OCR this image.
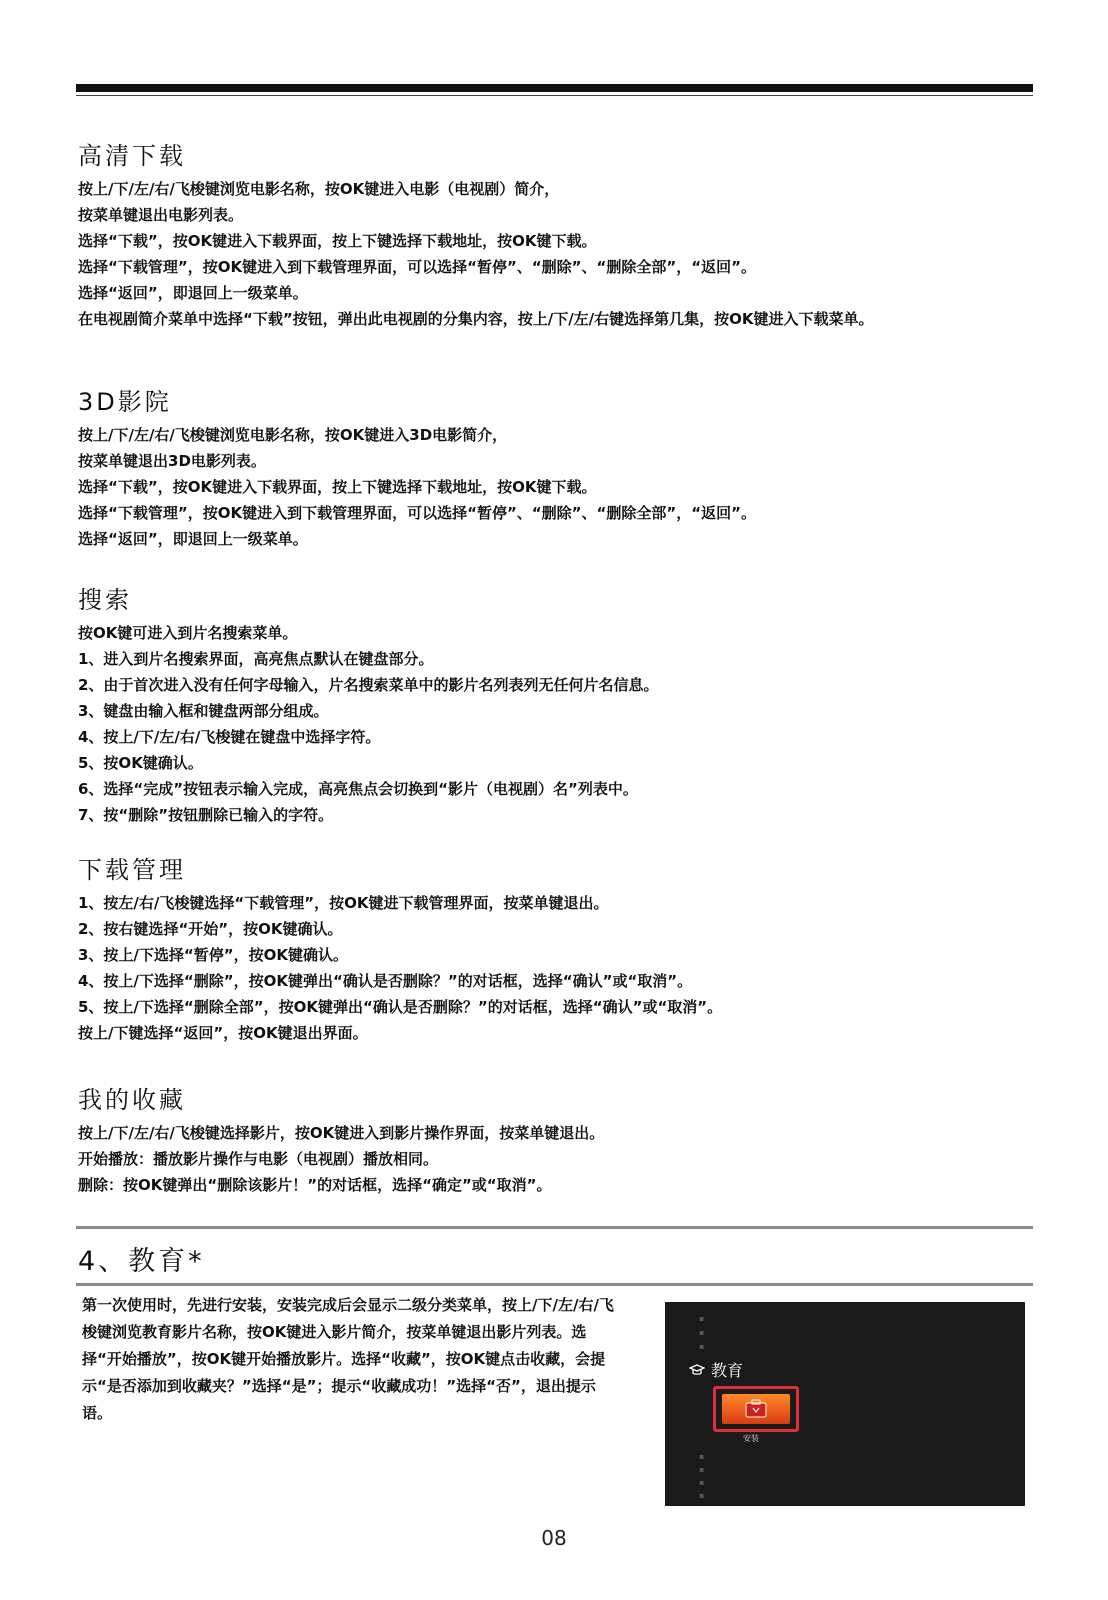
高清下载

按上/下/左/右/飞梭键浏览电影名称，按OK键进入电影（电视剧）简介，

按菜单键退出电影列表。

选择“下载”，按OK键进入下载界面，按上下键选择下载地址，按OK键下载。

选择“下载管理”，按OK键进入到下载管理界面，可以选择“暂停”、“删除”、“删除全部”，“返回”。

选择“返回”，即退回上一级菜单。

在电视剧简介菜单中选择“下载”按钮，弹出此电视剧的分集内容，按上/下/左/右键选择第几集，按OK键进入下载菜单。

3D影院

按上/下/左/右/飞梭键浏览电影名称，按OK键进入3D电影简介，

按菜单键退出3D电影列表。

选择“下载”，按OK键进入下载界面，按上下键选择下载地址，按OK键下载。

选择“下载管理”，按OK键进入到下载管理界面，可以选择“暂停”、“删除”、“删除全部”，“返回”。

选择“返回”，即退回上一级菜单。

搜索

按OK键可进入到片名搜索菜单。

1、进入到片名搜索界面，高亮焦点默认在键盘部分。

2、由于首次进入没有任何字母输入，片名搜索菜单中的影片名列表列无任何片名信息。

3、键盘由输入框和键盘两部分组成。

4、按上/下/左/右/飞梭键在键盘中选择字符。

5、按OK键确认。

6、选择“完成”按钮表示输入完成，高亮焦点会切换到“影片（电视剧）名”列表中。

7、按“删除”按钮删除已输入的字符。

下载管理

1、按左/右/飞梭键选择“下载管理”，按OK键进下载管理界面，按菜单键退出。

2、按右键选择“开始”，按OK键确认。

3、按上/下选择“暂停”，按OK键确认。

4、按上/下选择“删除”，按OK键弹出“确认是否删除？”的对话框，选择“确认”或“取消”。

5、按上/下选择“删除全部”，按OK键弹出“确认是否删除？”的对话框，选择“确认”或“取消”。

按上/下键选择“返回”，按OK键退出界面。

我的收藏

按上/下/左/右/飞梭键选择影片，按OK键进入到影片操作界面，按菜单键退出。

开始播放：播放影片操作与电影（电视剧）播放相同。

删除：按OK键弹出“删除该影片！”的对话框，选择“确定”或“取消”。

4、教育*

第一次使用时，先进行安装，安装完成后会显示二级分类菜单，按上/下/左/右/飞梭键浏览教育影片名称，按OK键进入影片简介，按菜单键退出影片列表。选择“开始播放”，按OK键开始播放影片。选择“收藏”，按OK键点击收藏，会提示“是否添加到收藏夹？”选择“是”；提示“收藏成功！”选择“否”，退出提示语。

▪
▪
▪
教育
安装
▪
▪
▪
▪
08
